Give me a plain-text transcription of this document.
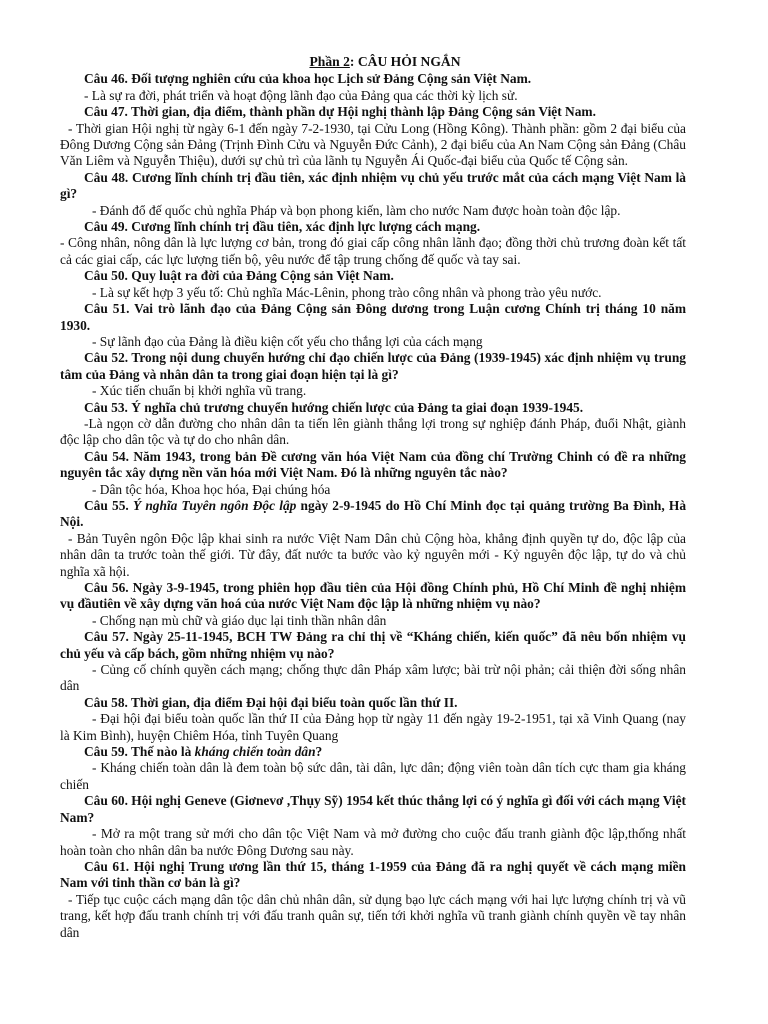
Phần 2: CÂU HỎI NGẮN

Câu 46. Đối tượng nghiên cứu của khoa học Lịch sử Đảng Cộng sản Việt Nam.

- Là sự ra đời, phát triển và hoạt động lãnh đạo của Đảng qua các thời kỳ lịch sử.

Câu 47. Thời gian, địa điểm, thành phần dự Hội nghị thành lập Đảng Cộng sản Việt Nam.

- Thời gian Hội nghị từ ngày 6-1 đến ngày 7-2-1930, tại Cửu Long (Hồng Kông). Thành phần: gồm 2 đại biểu của Đông Dương Cộng sản Đảng (Trịnh Đình Cửu và Nguyễn Đức Cảnh), 2 đại biểu của An Nam Cộng sản Đảng (Châu Văn Liêm và Nguyễn Thiệu), dưới sự chủ trì của lãnh tụ Nguyễn Ái Quốc-đại biểu của Quốc tế Cộng sản.

Câu 48. Cương lĩnh chính trị đầu tiên, xác định nhiệm vụ chủ yếu trước mắt của cách mạng Việt Nam là gì?

- Đánh đổ đế quốc chủ nghĩa Pháp và bọn phong kiến, làm cho nước Nam được hoàn toàn độc lập.

Câu 49. Cương lĩnh chính trị đầu tiên, xác định lực lượng cách mạng.

- Công nhân, nông dân là lực lượng cơ bản, trong đó giai cấp công nhân lãnh đạo; đồng thời chủ trương đoàn kết tất cả các giai cấp, các lực lượng tiến bộ, yêu nước để tập trung chống đế quốc và tay sai.

Câu 50. Quy luật ra đời của Đảng Cộng sản Việt Nam.

- Là sự kết hợp 3 yếu tố: Chủ nghĩa Mác-Lênin, phong trào công nhân và phong trào yêu nước.

Câu 51. Vai trò lãnh đạo của Đảng Cộng sản Đông dương trong Luận cương Chính trị tháng 10 năm 1930.

- Sự lãnh đạo của Đảng là điều kiện cốt yếu cho thắng lợi của cách mạng

Câu 52. Trong nội dung chuyển hướng chỉ đạo chiến lược của Đảng (1939-1945) xác định nhiệm vụ trung tâm của Đảng và nhân dân ta trong giai đoạn hiện tại là gì?

- Xúc tiến chuẩn bị khởi nghĩa vũ trang.

Câu 53. Ý nghĩa chủ trương chuyển hướng chiến lược của Đảng ta giai đoạn 1939-1945.

-Là ngọn cờ dẫn đường cho nhân dân ta tiến lên giành thắng lợi trong sự nghiệp đánh Pháp, đuổi Nhật, giành độc lập cho dân tộc và tự do cho nhân dân.

Câu 54. Năm 1943, trong bản Đề cương văn hóa Việt Nam của đồng chí Trường Chinh có đề ra những nguyên tắc xây dựng nền văn hóa mới Việt Nam. Đó là những nguyên tắc nào?

- Dân tộc hóa, Khoa học hóa, Đại chúng hóa

Câu 55. Ý nghĩa Tuyên ngôn Độc lập ngày 2-9-1945 do Hồ Chí Minh đọc tại quảng trường Ba Đình, Hà Nội.

- Bản Tuyên ngôn Độc lập khai sinh ra nước Việt Nam Dân chủ Cộng hòa, khẳng định quyền tự do, độc lập của nhân dân ta trước toàn thế giới. Từ đây, đất nước ta bước vào kỷ nguyên mới - Kỷ nguyên độc lập, tự do và chủ nghĩa xã hội.

Câu 56. Ngày 3-9-1945, trong phiên họp đầu tiên của Hội đồng Chính phủ, Hồ Chí Minh đề nghị nhiệm vụ đầutiên về xây dựng văn hoá của nước Việt Nam độc lập là những nhiệm vụ nào?

- Chống nạn mù chữ và giáo dục lại tinh thần nhân dân

Câu 57. Ngày 25-11-1945, BCH TW Đảng ra chỉ thị về “Kháng chiến, kiến quốc” đã nêu bốn nhiệm vụ chủ yếu và cấp bách, gồm những nhiệm vụ nào?

- Củng cố chính quyền cách mạng; chống thực dân Pháp xâm lược; bài trừ nội phản; cải thiện đời sống nhân dân

Câu 58. Thời gian, địa điểm Đại hội đại biểu toàn quốc lần thứ II.

- Đại hội đại biểu toàn quốc lần thứ II của Đảng họp từ ngày 11 đến ngày 19-2-1951, tại xã Vinh Quang (nay là Kim Bình), huyện Chiêm Hóa, tỉnh Tuyên Quang

Câu 59. Thế nào là kháng chiến toàn dân?

- Kháng chiến toàn dân là đem toàn bộ sức dân, tài dân, lực dân; động viên toàn dân tích cực tham gia kháng chiến

Câu 60. Hội nghị Geneve (Giơnevơ ,Thụy Sỹ) 1954 kết thúc thắng lợi có ý nghĩa gì đối với cách mạng Việt Nam?

- Mở ra một trang sử mới cho dân tộc Việt Nam và mở đường cho cuộc đấu tranh giành độc lập,thống nhất hoàn toàn cho nhân dân ba nước Đông Dương sau này.

Câu 61. Hội nghị Trung ương lần thứ 15, tháng 1-1959 của Đảng đã ra nghị quyết về cách mạng miền Nam với tinh thần cơ bản là gì?

- Tiếp tục cuộc cách mạng dân tộc dân chủ nhân dân, sử dụng bạo lực cách mạng với hai lực lượng chính trị và vũ trang, kết hợp đấu tranh chính trị với đấu tranh quân sự, tiến tới khởi nghĩa vũ tranh giành chính quyền về tay nhân dân
